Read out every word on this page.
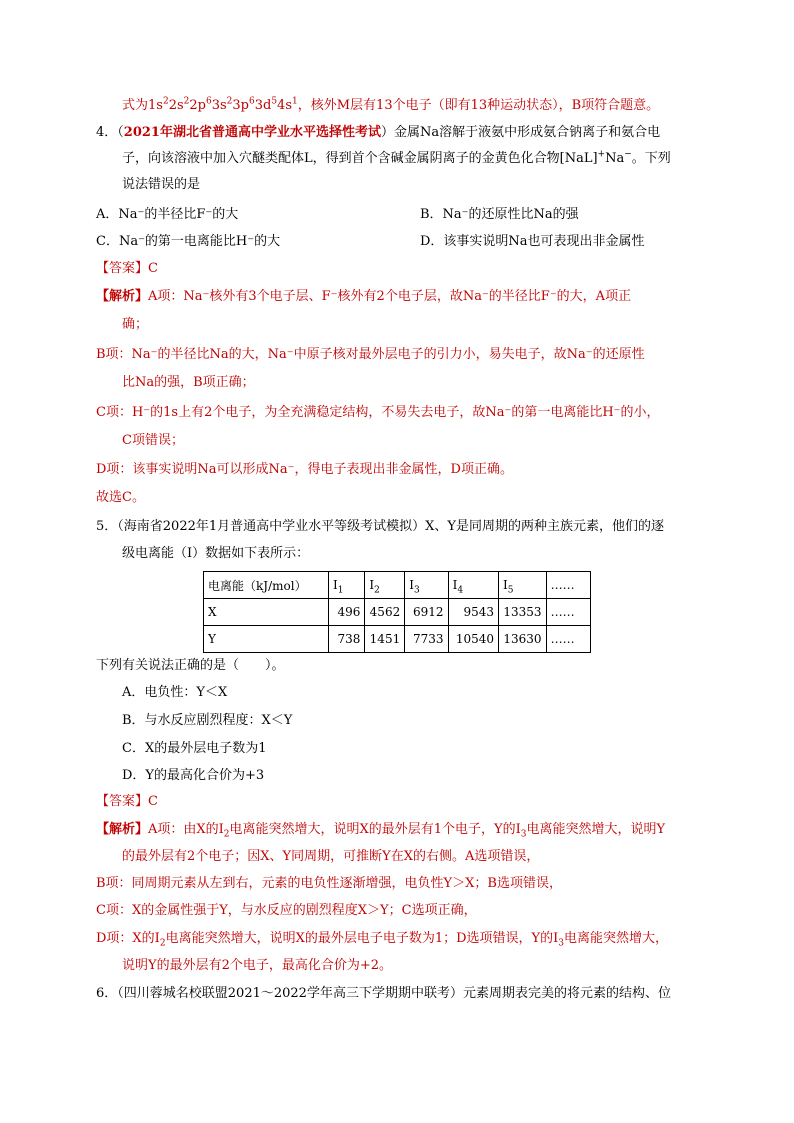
式为$1s^22s^22p^63s^23p^63d^54s^1$，核外M层有13个电子（即有13种运动状态），B项符合题意。
4．（2021年湖北省普通高中学业水平选择性考试）金属Na溶解于液氨中形成氨合钠离子和氨合电
子，向该溶液中加入穴醚类配体L，得到首个含碱金属阴离子的金黄色化合物[NaL]+Na−。下列
说法错误的是
A．Na⁻的半径比F⁻的大	B．Na⁻的还原性比Na的强
C．Na⁻的第一电离能比H⁻的大	D．该事实说明Na也可表现出非金属性
【答案】C
【解析】A项：Na⁻核外有3个电子层、F⁻核外有2个电子层，故Na⁻的半径比F⁻的大，A项正
确；
B项：Na⁻的半径比Na的大，Na⁻中原子核对最外层电子的引力小，易失电子，故Na⁻的还原性
比Na的强，B项正确；
C项：H⁻的1s上有2个电子，为全充满稳定结构，不易失去电子，故Na⁻的第一电离能比H⁻的小，
C项错误；
D项：该事实说明Na可以形成Na⁻，得电子表现出非金属性，D项正确。
故选C。
5．（海南省2022年1月普通高中学业水平等级考试模拟）X、Y是同周期的两种主族元素，他们的逐
级电离能（I）数据如下表所示：
电离能（kJ/mol）	$I_1$	$I_2$	$I_3$	$I_4$	$I_5$	……
X	496	4562	6912	9543	13353	……
Y	738	1451	7733	10540	13630	……
下列有关说法正确的是（　　）。
A．电负性：Y＜X
B．与水反应剧烈程度：X＜Y
C．X的最外层电子数为1
D．Y的最高化合价为+3
【答案】C
【解析】A项：由X的$I_2$电离能突然增大，说明X的最外层有1个电子，Y的$I_3$电离能突然增大，说明Y
的最外层有2个电子；因X、Y同周期，可推断Y在X的右侧。A选项错误，
B项：同周期元素从左到右，元素的电负性逐渐增强，电负性Y＞X；B选项错误，
C项：X的金属性强于Y，与水反应的剧烈程度X＞Y；C选项正确，
D项：X的$I_2$电离能突然增大，说明X的最外层电子电子数为1；D选项错误，Y的$I_3$电离能突然增大，
说明Y的最外层有2个电子，最高化合价为+2。
6．（四川蓉城名校联盟2021～2022学年高三下学期期中联考）元素周期表完美的将元素的结构、位
